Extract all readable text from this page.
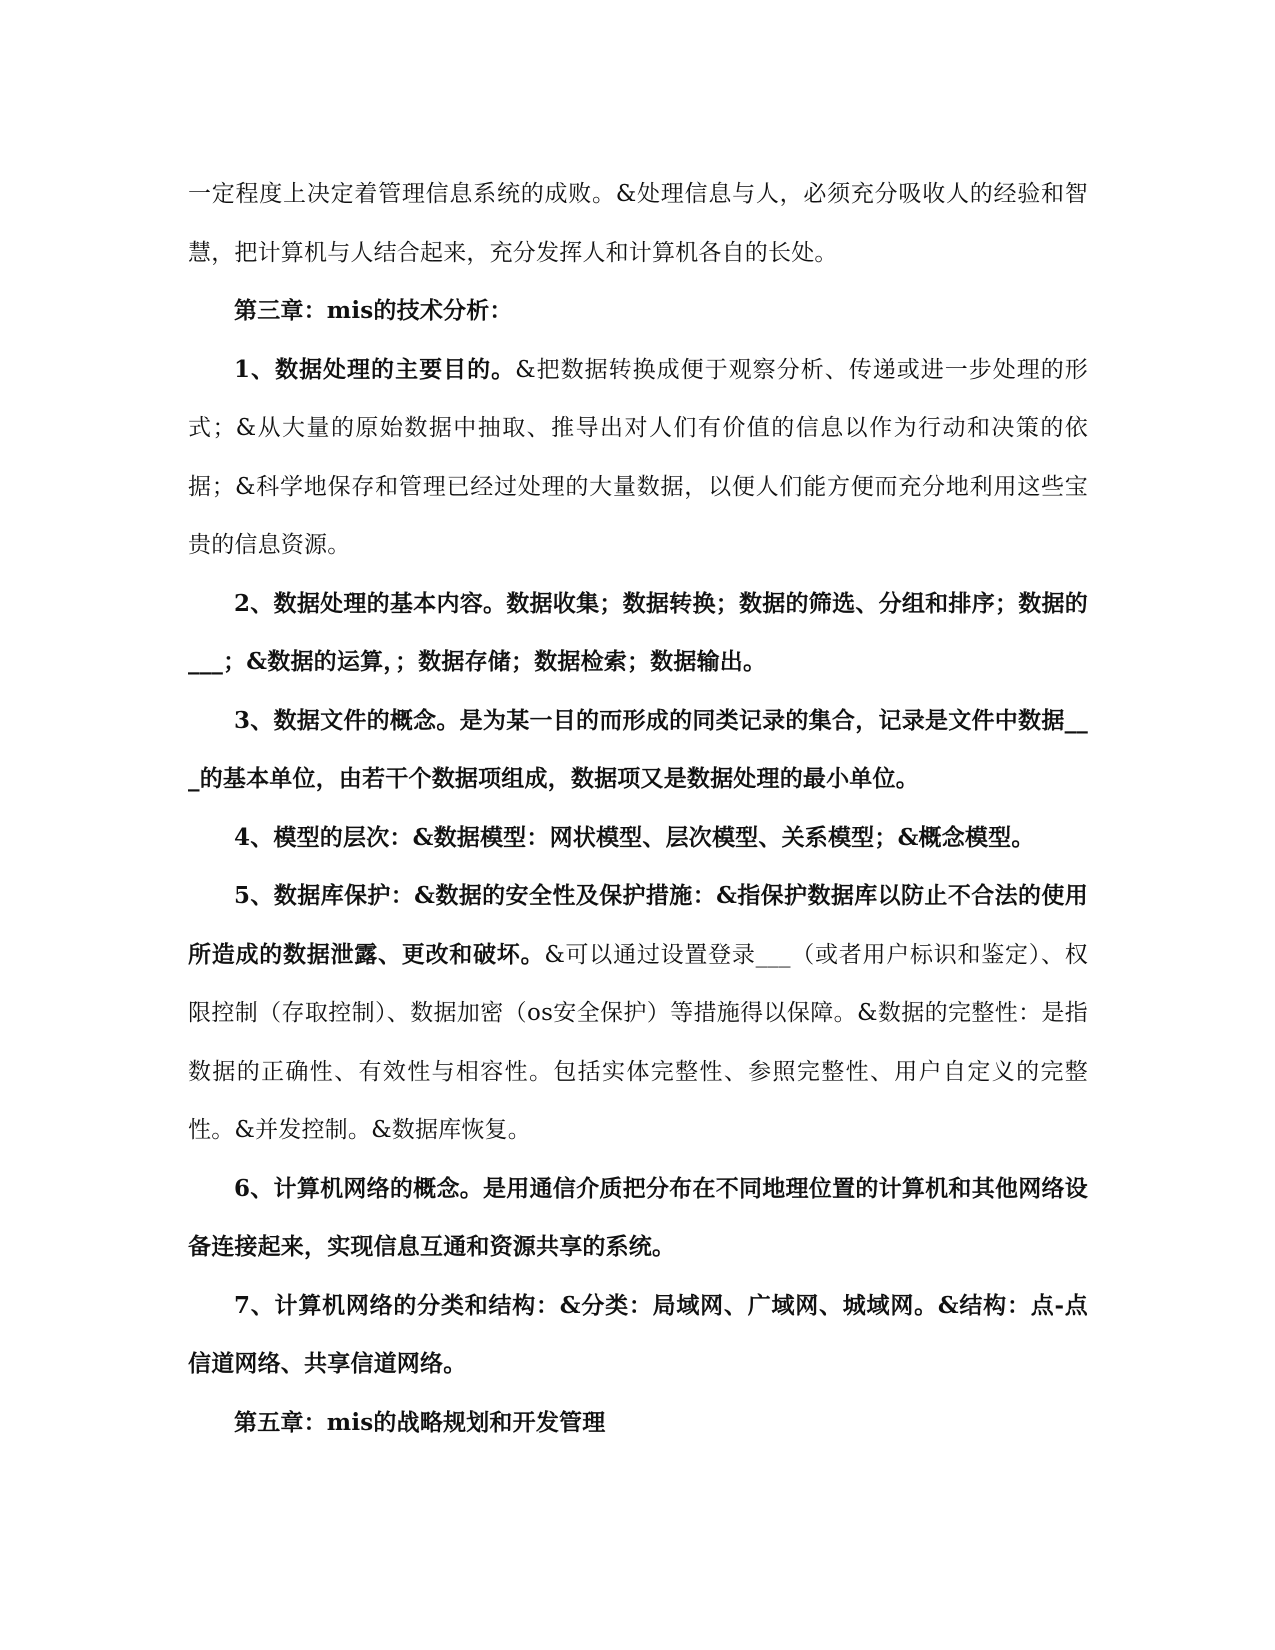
一定程度上决定着管理信息系统的成败。&处理信息与人，必须充分吸收人的经验和智慧，把计算机与人结合起来，充分发挥人和计算机各自的长处。

第三章：mis的技术分析：

1、数据处理的主要目的。&把数据转换成便于观察分析、传递或进一步处理的形式；&从大量的原始数据中抽取、推导出对人们有价值的信息以作为行动和决策的依据；&科学地保存和管理已经过处理的大量数据，以便人们能方便而充分地利用这些宝贵的信息资源。

2、数据处理的基本内容。数据收集；数据转换；数据的筛选、分组和排序；数据的___；&数据的运算，；数据存储；数据检索；数据输出。

3、数据文件的概念。是为某一目的而形成的同类记录的集合，记录是文件中数据___的基本单位，由若干个数据项组成，数据项又是数据处理的最小单位。

4、模型的层次：&数据模型：网状模型、层次模型、关系模型；&概念模型。

5、数据库保护：&数据的安全性及保护措施：&指保护数据库以防止不合法的使用所造成的数据泄露、更改和破坏。&可以通过设置登录___（或者用户标识和鉴定）、权限控制（存取控制）、数据加密（os安全保护）等措施得以保障。&数据的完整性：是指数据的正确性、有效性与相容性。包括实体完整性、参照完整性、用户自定义的完整性。&并发控制。&数据库恢复。

6、计算机网络的概念。是用通信介质把分布在不同地理位置的计算机和其他网络设备连接起来，实现信息互通和资源共享的系统。

7、计算机网络的分类和结构：&分类：局域网、广域网、城域网。&结构：点-点信道网络、共享信道网络。

第五章：mis的战略规划和开发管理
